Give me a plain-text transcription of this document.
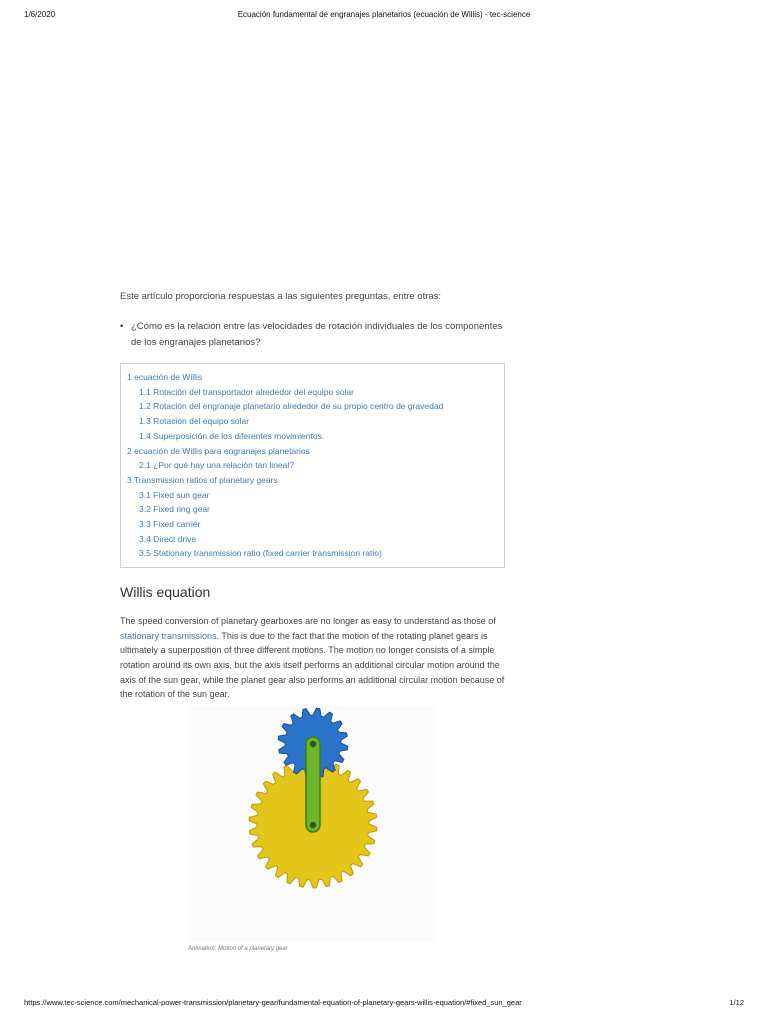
1/6/2020	Ecuación fundamental de engranajes planetarios (ecuación de Willis) - tec-science

Este artículo proporciona respuestas a las siguientes preguntas, entre otras:

• ¿Cómo es la relación entre las velocidades de rotación individuales de los componentes de los engranajes planetarios?
1 ecuación de Willis
1.1 Rotación del transportador alrededor del equipo solar
1.2 Rotación del engranaje planetario alrededor de su propio centro de gravedad
1.3 Rotación del equipo solar
1.4 Superposición de los diferentes movimientos.
2 ecuación de Willis para engranajes planetarios
2.1 ¿Por qué hay una relación tan lineal?
3 Transmission ratios of planetary gears
3.1 Fixed sun gear
3.2 Fixed ring gear
3.3 Fixed carrier
3.4 Direct drive
3.5 Stationary transmission ratio (fixed carrier transmission ratio)
Willis equation

The speed conversion of planetary gearboxes are no longer as easy to understand as those of stationary transmissions. This is due to the fact that the motion of the rotating planet gears is ultimately a superposition of three different motions. The motion no longer consists of a simple rotation around its own axis, but the axis itself performs an additional circular motion around the axis of the sun gear, while the planet gear also performs an additional circular motion because of the rotation of the sun gear.

Animation: Motion of a planetary gear
https://www.tec-science.com/mechanical-power-transmission/planetary-gear/fundamental-equation-of-planetary-gears-willis-equation/#fixed_sun_gear	1/12
